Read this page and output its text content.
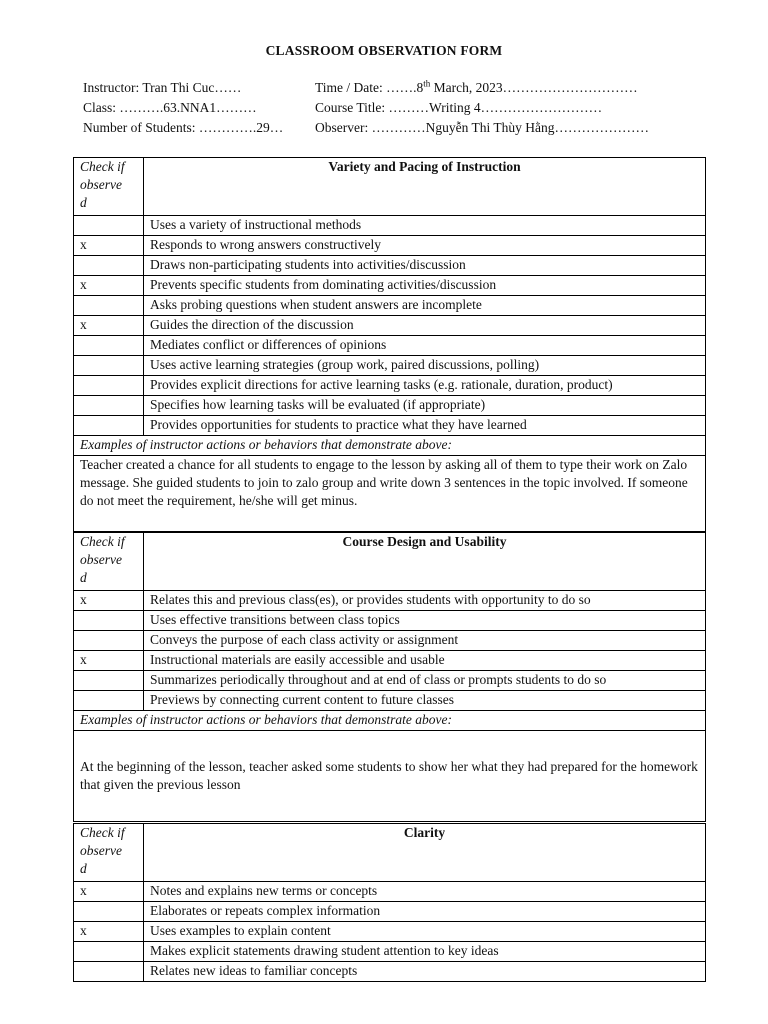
CLASSROOM OBSERVATION FORM
Instructor: Tran Thi Cuc……
Class: ……….63.NNA1………
Number of Students: ………….29…
Time / Date: …….8th March, 2023…………………………
Course Title: ………Writing 4………………………
Observer: …………Nguyễn Thi Thùy Hằng…………………
Check if
observe
d	Variety and Pacing of Instruction
	Uses a variety of instructional methods
x	Responds to wrong answers constructively
	Draws non-participating students into activities/discussion
x	Prevents specific students from dominating activities/discussion
	Asks probing questions when student answers are incomplete
x	Guides the direction of the discussion
	Mediates conflict or differences of opinions
	Uses active learning strategies (group work, paired discussions, polling)
	Provides explicit directions for active learning tasks (e.g. rationale, duration, product)
	Specifies how learning tasks will be evaluated (if appropriate)
	Provides opportunities for students to practice what they have learned
Examples of instructor actions or behaviors that demonstrate above:	
Teacher created a chance for all students to engage to the lesson by asking all of them to type their work on Zalo message. She guided students to join to zalo group and write down 3 sentences in the topic involved. If someone do not meet the requirement, he/she will get minus.	
Check if
observe
d	Course Design and Usability
x	Relates this and previous class(es), or provides students with opportunity to do so
	Uses effective transitions between class topics
	Conveys the purpose of each class activity or assignment
x	Instructional materials are easily accessible and usable
	Summarizes periodically throughout and at end of class or prompts students to do so
	Previews by connecting current content to future classes
Examples of instructor actions or behaviors that demonstrate above:	
At the beginning of the lesson, teacher asked some students to show her what they had prepared for the homework that given the previous lesson	
Check if
observe
d	Clarity
x	Notes and explains new terms or concepts
	Elaborates or repeats complex information
x	Uses examples to explain content
	Makes explicit statements drawing student attention to key ideas
	Relates new ideas to familiar concepts
